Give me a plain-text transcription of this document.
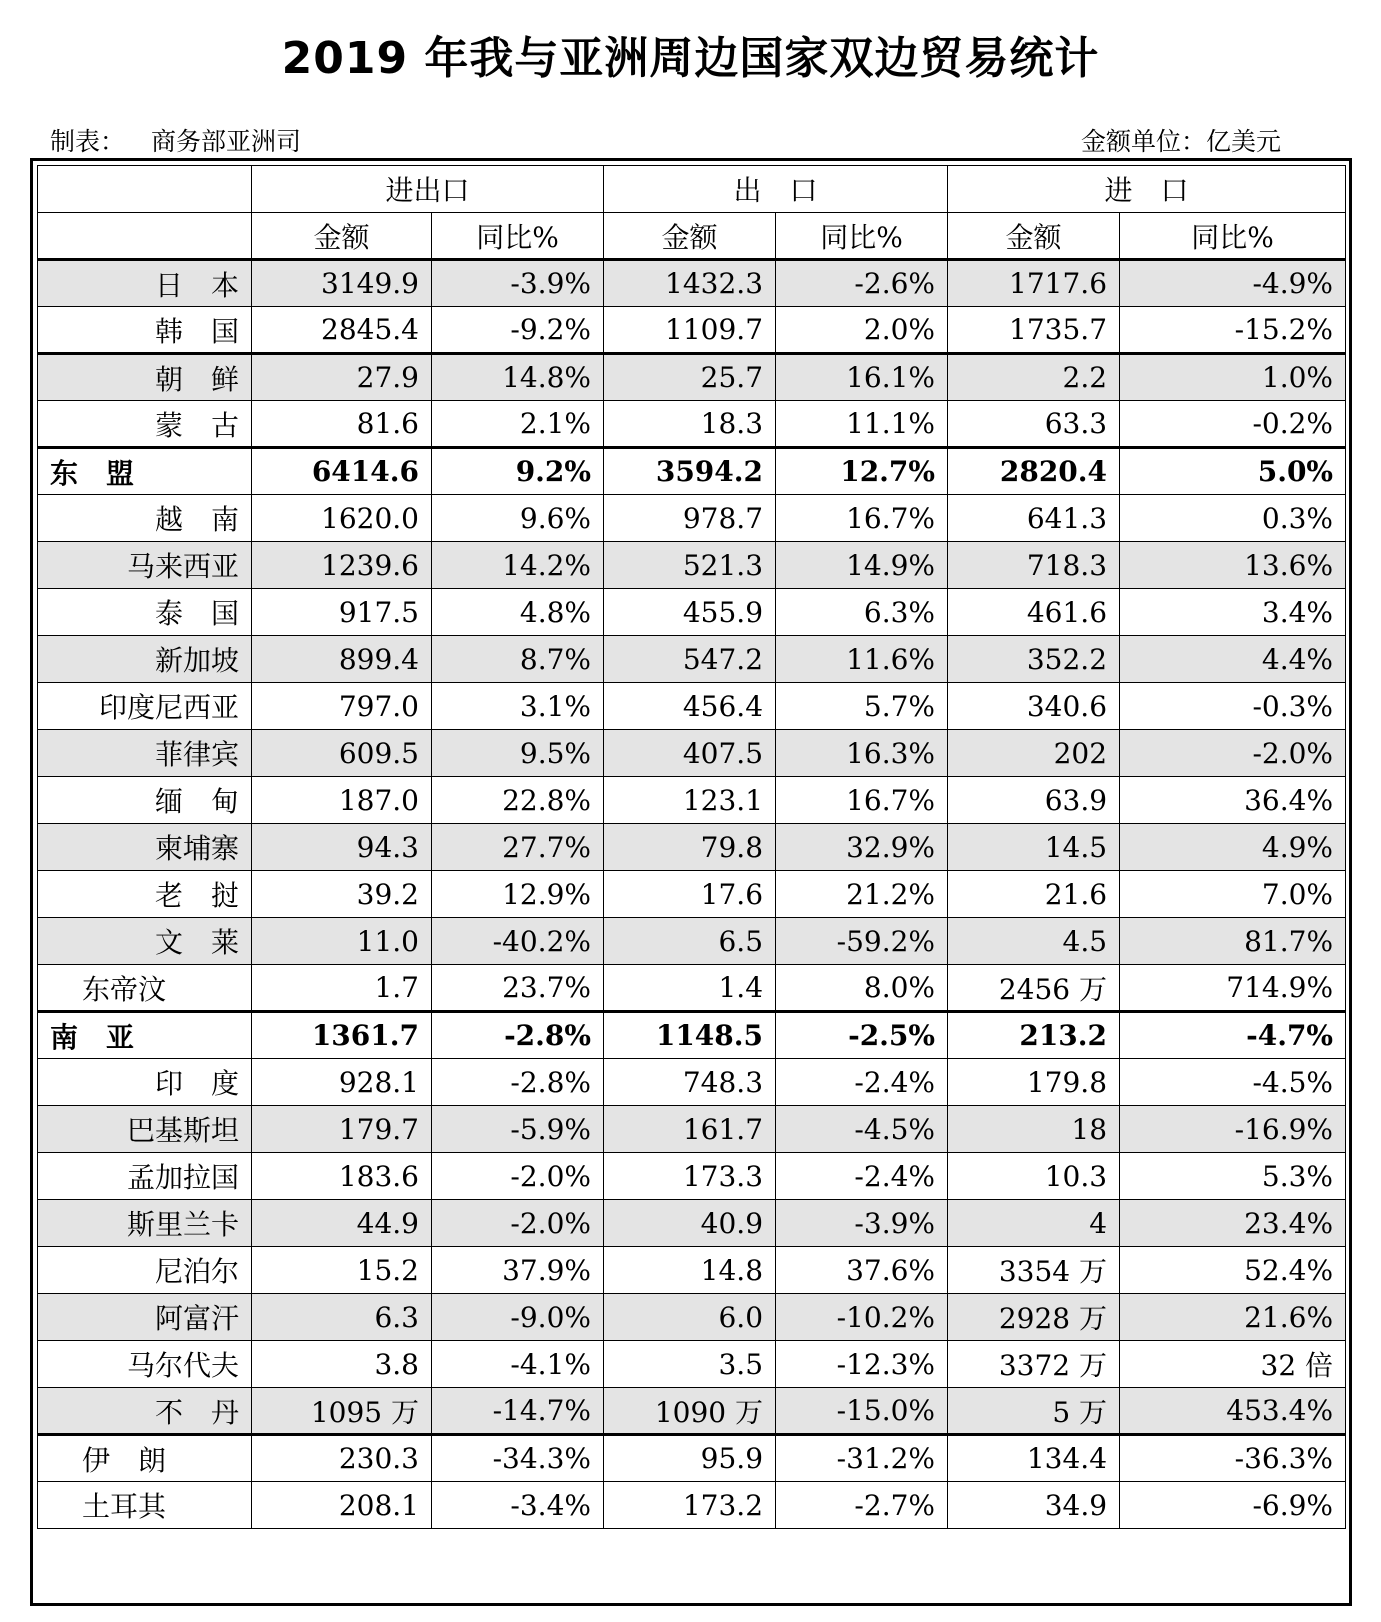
2019 年我与亚洲周边国家双边贸易统计
制表： 商务部亚洲司	金额单位：亿美元
	进出口		出　口		进　口	
	金额	同比%	金额	同比%	金额	同比%
日　本	3149.9	-3.9%	1432.3	-2.6%	1717.6	-4.9%
韩　国	2845.4	-9.2%	1109.7	2.0%	1735.7	-15.2%
朝　鲜	27.9	14.8%	25.7	16.1%	2.2	1.0%
蒙　古	81.6	2.1%	18.3	11.1%	63.3	-0.2%
东　盟	6414.6	9.2%	3594.2	12.7%	2820.4	5.0%
越　南	1620.0	9.6%	978.7	16.7%	641.3	0.3%
马来西亚	1239.6	14.2%	521.3	14.9%	718.3	13.6%
泰　国	917.5	4.8%	455.9	6.3%	461.6	3.4%
新加坡	899.4	8.7%	547.2	11.6%	352.2	4.4%
印度尼西亚	797.0	3.1%	456.4	5.7%	340.6	-0.3%
菲律宾	609.5	9.5%	407.5	16.3%	202	-2.0%
缅　甸	187.0	22.8%	123.1	16.7%	63.9	36.4%
柬埔寨	94.3	27.7%	79.8	32.9%	14.5	4.9%
老　挝	39.2	12.9%	17.6	21.2%	21.6	7.0%
文　莱	11.0	-40.2%	6.5	-59.2%	4.5	81.7%
东帝汶	1.7	23.7%	1.4	8.0%	2456 万	714.9%
南　亚	1361.7	-2.8%	1148.5	-2.5%	213.2	-4.7%
印　度	928.1	-2.8%	748.3	-2.4%	179.8	-4.5%
巴基斯坦	179.7	-5.9%	161.7	-4.5%	18	-16.9%
孟加拉国	183.6	-2.0%	173.3	-2.4%	10.3	5.3%
斯里兰卡	44.9	-2.0%	40.9	-3.9%	4	23.4%
尼泊尔	15.2	37.9%	14.8	37.6%	3354 万	52.4%
阿富汗	6.3	-9.0%	6.0	-10.2%	2928 万	21.6%
马尔代夫	3.8	-4.1%	3.5	-12.3%	3372 万	32 倍
不　丹	1095 万	-14.7%	1090 万	-15.0%	5 万	453.4%
伊　朗	230.3	-34.3%	95.9	-31.2%	134.4	-36.3%
土耳其	208.1	-3.4%	173.2	-2.7%	34.9	-6.9%
